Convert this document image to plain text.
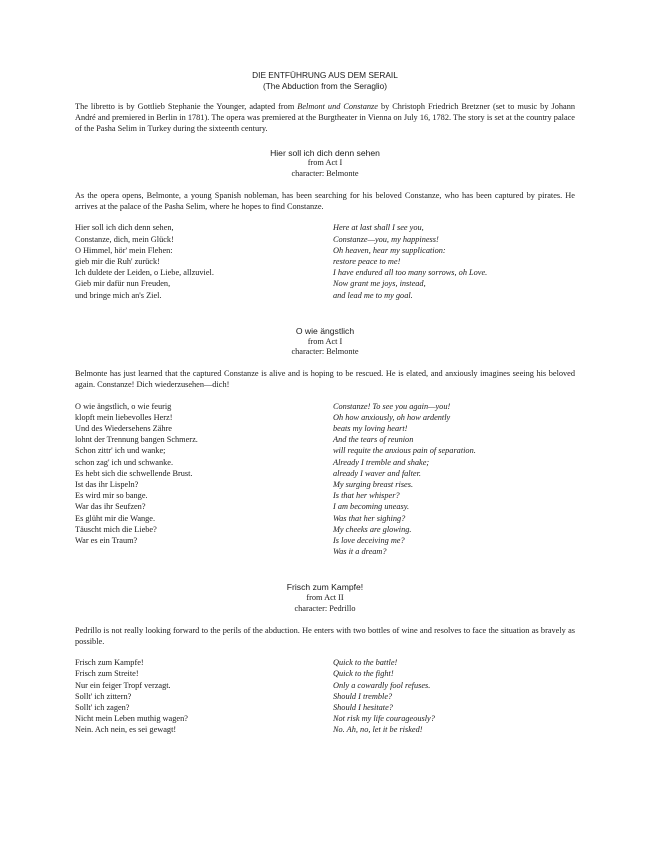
DIE ENTFÜHRUNG AUS DEM SERAIL
(The Abduction from the Seraglio)

The libretto is by Gottlieb Stephanie the Younger, adapted from Belmont und Constanze by Christoph Friedrich Bretzner (set to music by Johann André and premiered in Berlin in 1781). The opera was premiered at the Burgtheater in Vienna on July 16, 1782. The story is set at the country palace of the Pasha Selim in Turkey during the sixteenth century.

Hier soll ich dich denn sehen
from Act I
character: Belmonte
As the opera opens, Belmonte, a young Spanish nobleman, has been searching for his beloved Constanze, who has been captured by pirates. He arrives at the palace of the Pasha Selim, where he hopes to find Constanze.
Hier soll ich dich denn sehen,
Constanze, dich, mein Glück!
O Himmel, hör' mein Flehen:
gieb mir die Ruh' zurück!
Ich duldete der Leiden, o Liebe, allzuviel.
Gieb mir dafür nun Freuden,
und bringe mich an's Ziel.
Here at last shall I see you,
Constanze—you, my happiness!
Oh heaven, hear my supplication:
restore peace to me!
I have endured all too many sorrows, oh Love.
Now grant me joys, instead,
and lead me to my goal.
O wie ängstlich
from Act I
character: Belmonte
Belmonte has just learned that the captured Constanze is alive and is hoping to be rescued. He is elated, and anxiously imagines seeing his beloved again. Constanze! Dich wiederzusehen—dich!
O wie ängstlich, o wie feurig
klopft mein liebevolles Herz!
Und des Wiedersehens Zähre
lohnt der Trennung bangen Schmerz.
Schon zittr' ich und wanke;
schon zag' ich und schwanke.
Es hebt sich die schwellende Brust.
Ist das ihr Lispeln?
Es wird mir so bange.
War das ihr Seufzen?
Es glüht mir die Wange.
Täuscht mich die Liebe?
War es ein Traum?
Constanze! To see you again—you!
Oh how anxiously, oh how ardently
beats my loving heart!
And the tears of reunion
will requite the anxious pain of separation.
Already I tremble and shake;
already I waver and falter.
My surging breast rises.
Is that her whisper?
I am becoming uneasy.
Was that her sighing?
My cheeks are glowing.
Is love deceiving me?
Was it a dream?
Frisch zum Kampfe!
from Act II
character: Pedrillo
Pedrillo is not really looking forward to the perils of the abduction. He enters with two bottles of wine and resolves to face the situation as bravely as possible.
Frisch zum Kampfe!
Frisch zum Streite!
Nur ein feiger Tropf verzagt.
Sollt' ich zittern?
Sollt' ich zagen?
Nicht mein Leben muthig wagen?
Nein. Ach nein, es sei gewagt!
Quick to the battle!
Quick to the fight!
Only a cowardly fool refuses.
Should I tremble?
Should I hesitate?
Not risk my life courageously?
No. Ah, no, let it be risked!
